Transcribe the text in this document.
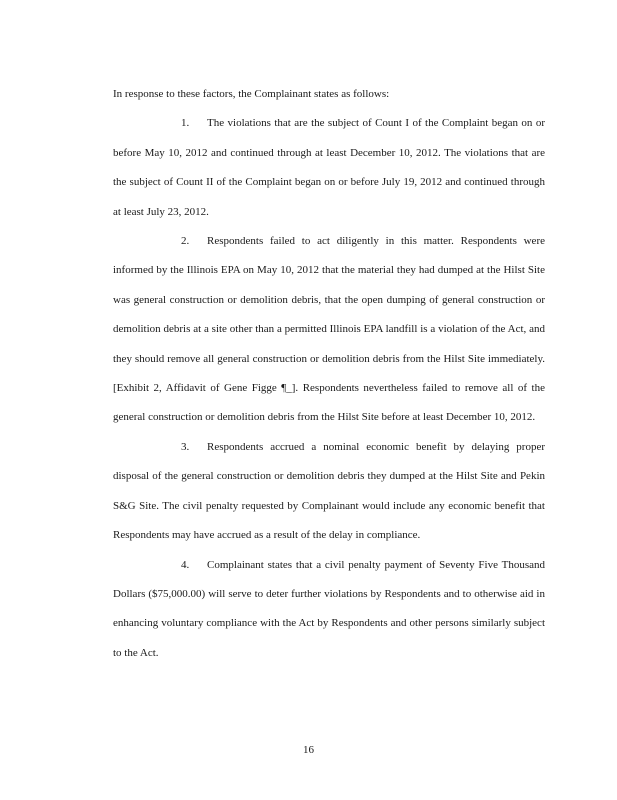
In response to these factors, the Complainant states as follows:

1. The violations that are the subject of Count I of the Complaint began on or before May 10, 2012 and continued through at least December 10, 2012. The violations that are the subject of Count II of the Complaint began on or before July 19, 2012 and continued through at least July 23, 2012.

2. Respondents failed to act diligently in this matter. Respondents were informed by the Illinois EPA on May 10, 2012 that the material they had dumped at the Hilst Site was general construction or demolition debris, that the open dumping of general construction or demolition debris at a site other than a permitted Illinois EPA landfill is a violation of the Act, and they should remove all general construction or demolition debris from the Hilst Site immediately. [Exhibit 2, Affidavit of Gene Figge ¶_]. Respondents nevertheless failed to remove all of the general construction or demolition debris from the Hilst Site before at least December 10, 2012.

3. Respondents accrued a nominal economic benefit by delaying proper disposal of the general construction or demolition debris they dumped at the Hilst Site and Pekin S&G Site. The civil penalty requested by Complainant would include any economic benefit that Respondents may have accrued as a result of the delay in compliance.

4. Complainant states that a civil penalty payment of Seventy Five Thousand Dollars ($75,000.00) will serve to deter further violations by Respondents and to otherwise aid in enhancing voluntary compliance with the Act by Respondents and other persons similarly subject to the Act.

16
